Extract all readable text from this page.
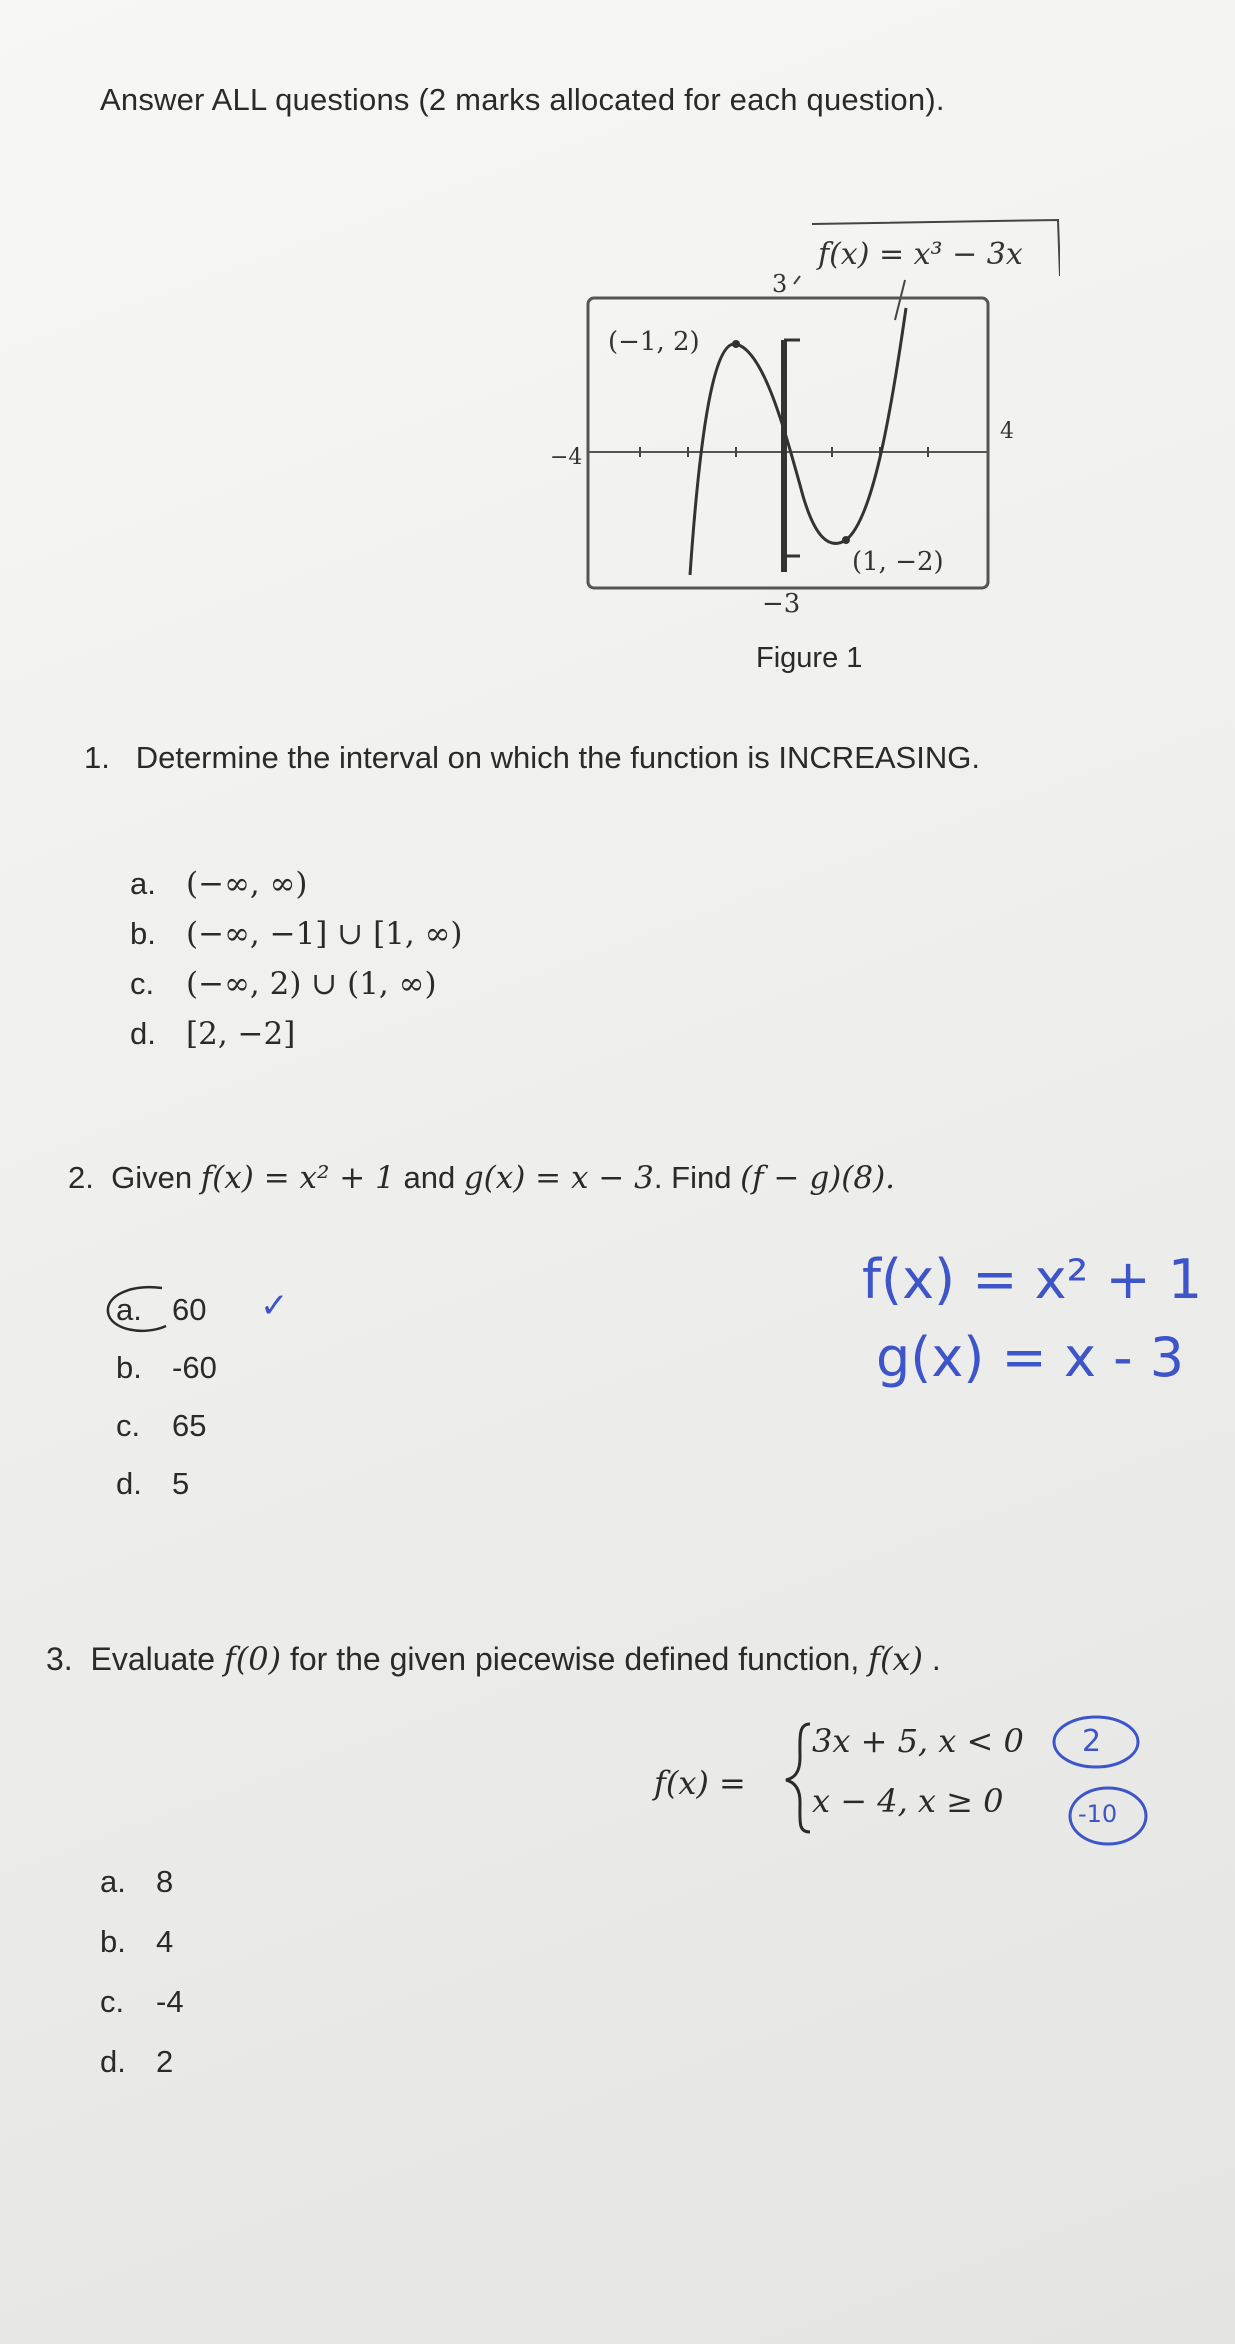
Answer ALL questions (2 marks allocated for each question).
f(x) = x³ − 3x
3
−4
4
(−1, 2)
(1, −2)
−3
Figure 1
1. Determine the interval on which the function is INCREASING.
a. (−∞, ∞)
b. (−∞, −1] ∪ [1, ∞)
c. (−∞, 2) ∪ (1, ∞)
d. [2, −2]
2. Given f(x) = x² + 1 and g(x) = x − 3. Find (f − g)(8).
a. 60 ✓
b. -60
c. 65
d. 5
f(x) = x² + 1
g(x) = x - 3
3. Evaluate f(0) for the given piecewise defined function, f(x) .
f(x) =
3x + 5, x < 0
x − 4, x ≥ 0
2
-10
a. 8
b. 4
c. -4
d. 2
